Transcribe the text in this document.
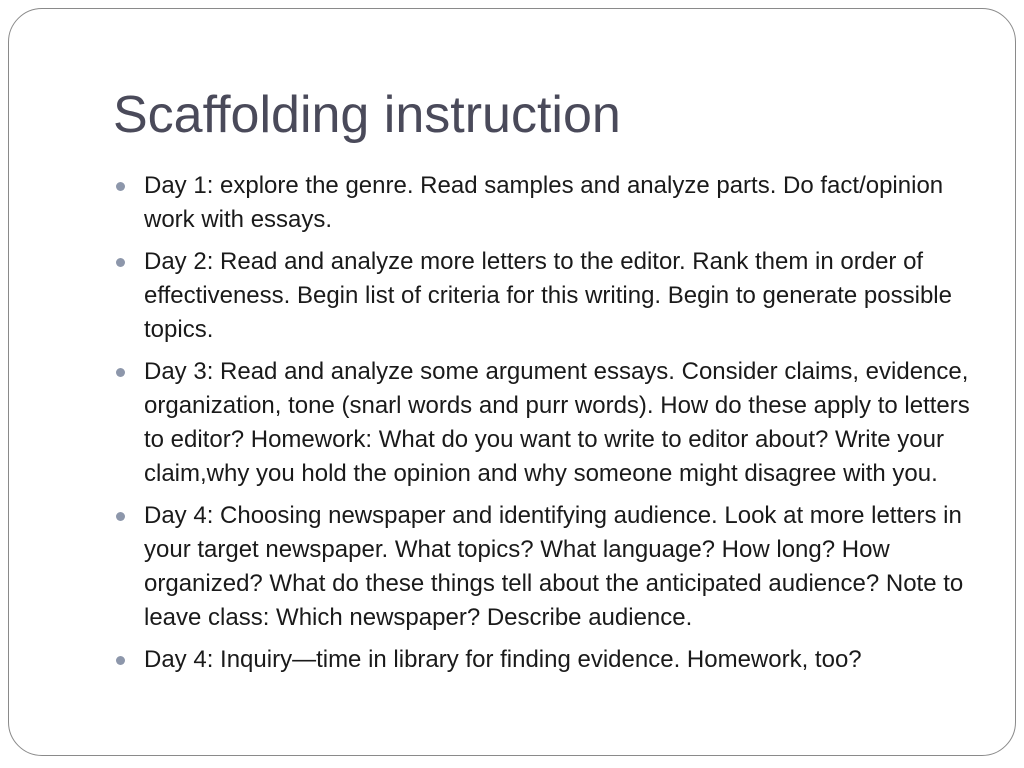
Scaffolding instruction
Day 1: explore the genre. Read samples and analyze parts. Do fact/opinion work with essays.
Day 2: Read and analyze more letters to the editor. Rank them in order of effectiveness. Begin list of criteria for this writing. Begin to generate possible topics.
Day 3: Read and analyze some argument essays. Consider claims, evidence, organization, tone (snarl words and purr words). How do these apply to letters to editor? Homework: What do you want to write to editor about? Write your claim,why you hold the opinion and why someone might disagree with you.
Day 4: Choosing newspaper and identifying audience. Look at more letters in your target newspaper. What topics? What language? How long? How organized? What do these things tell about the anticipated audience? Note to leave class: Which newspaper? Describe audience.
Day 4: Inquiry—time in library for finding evidence. Homework, too?
